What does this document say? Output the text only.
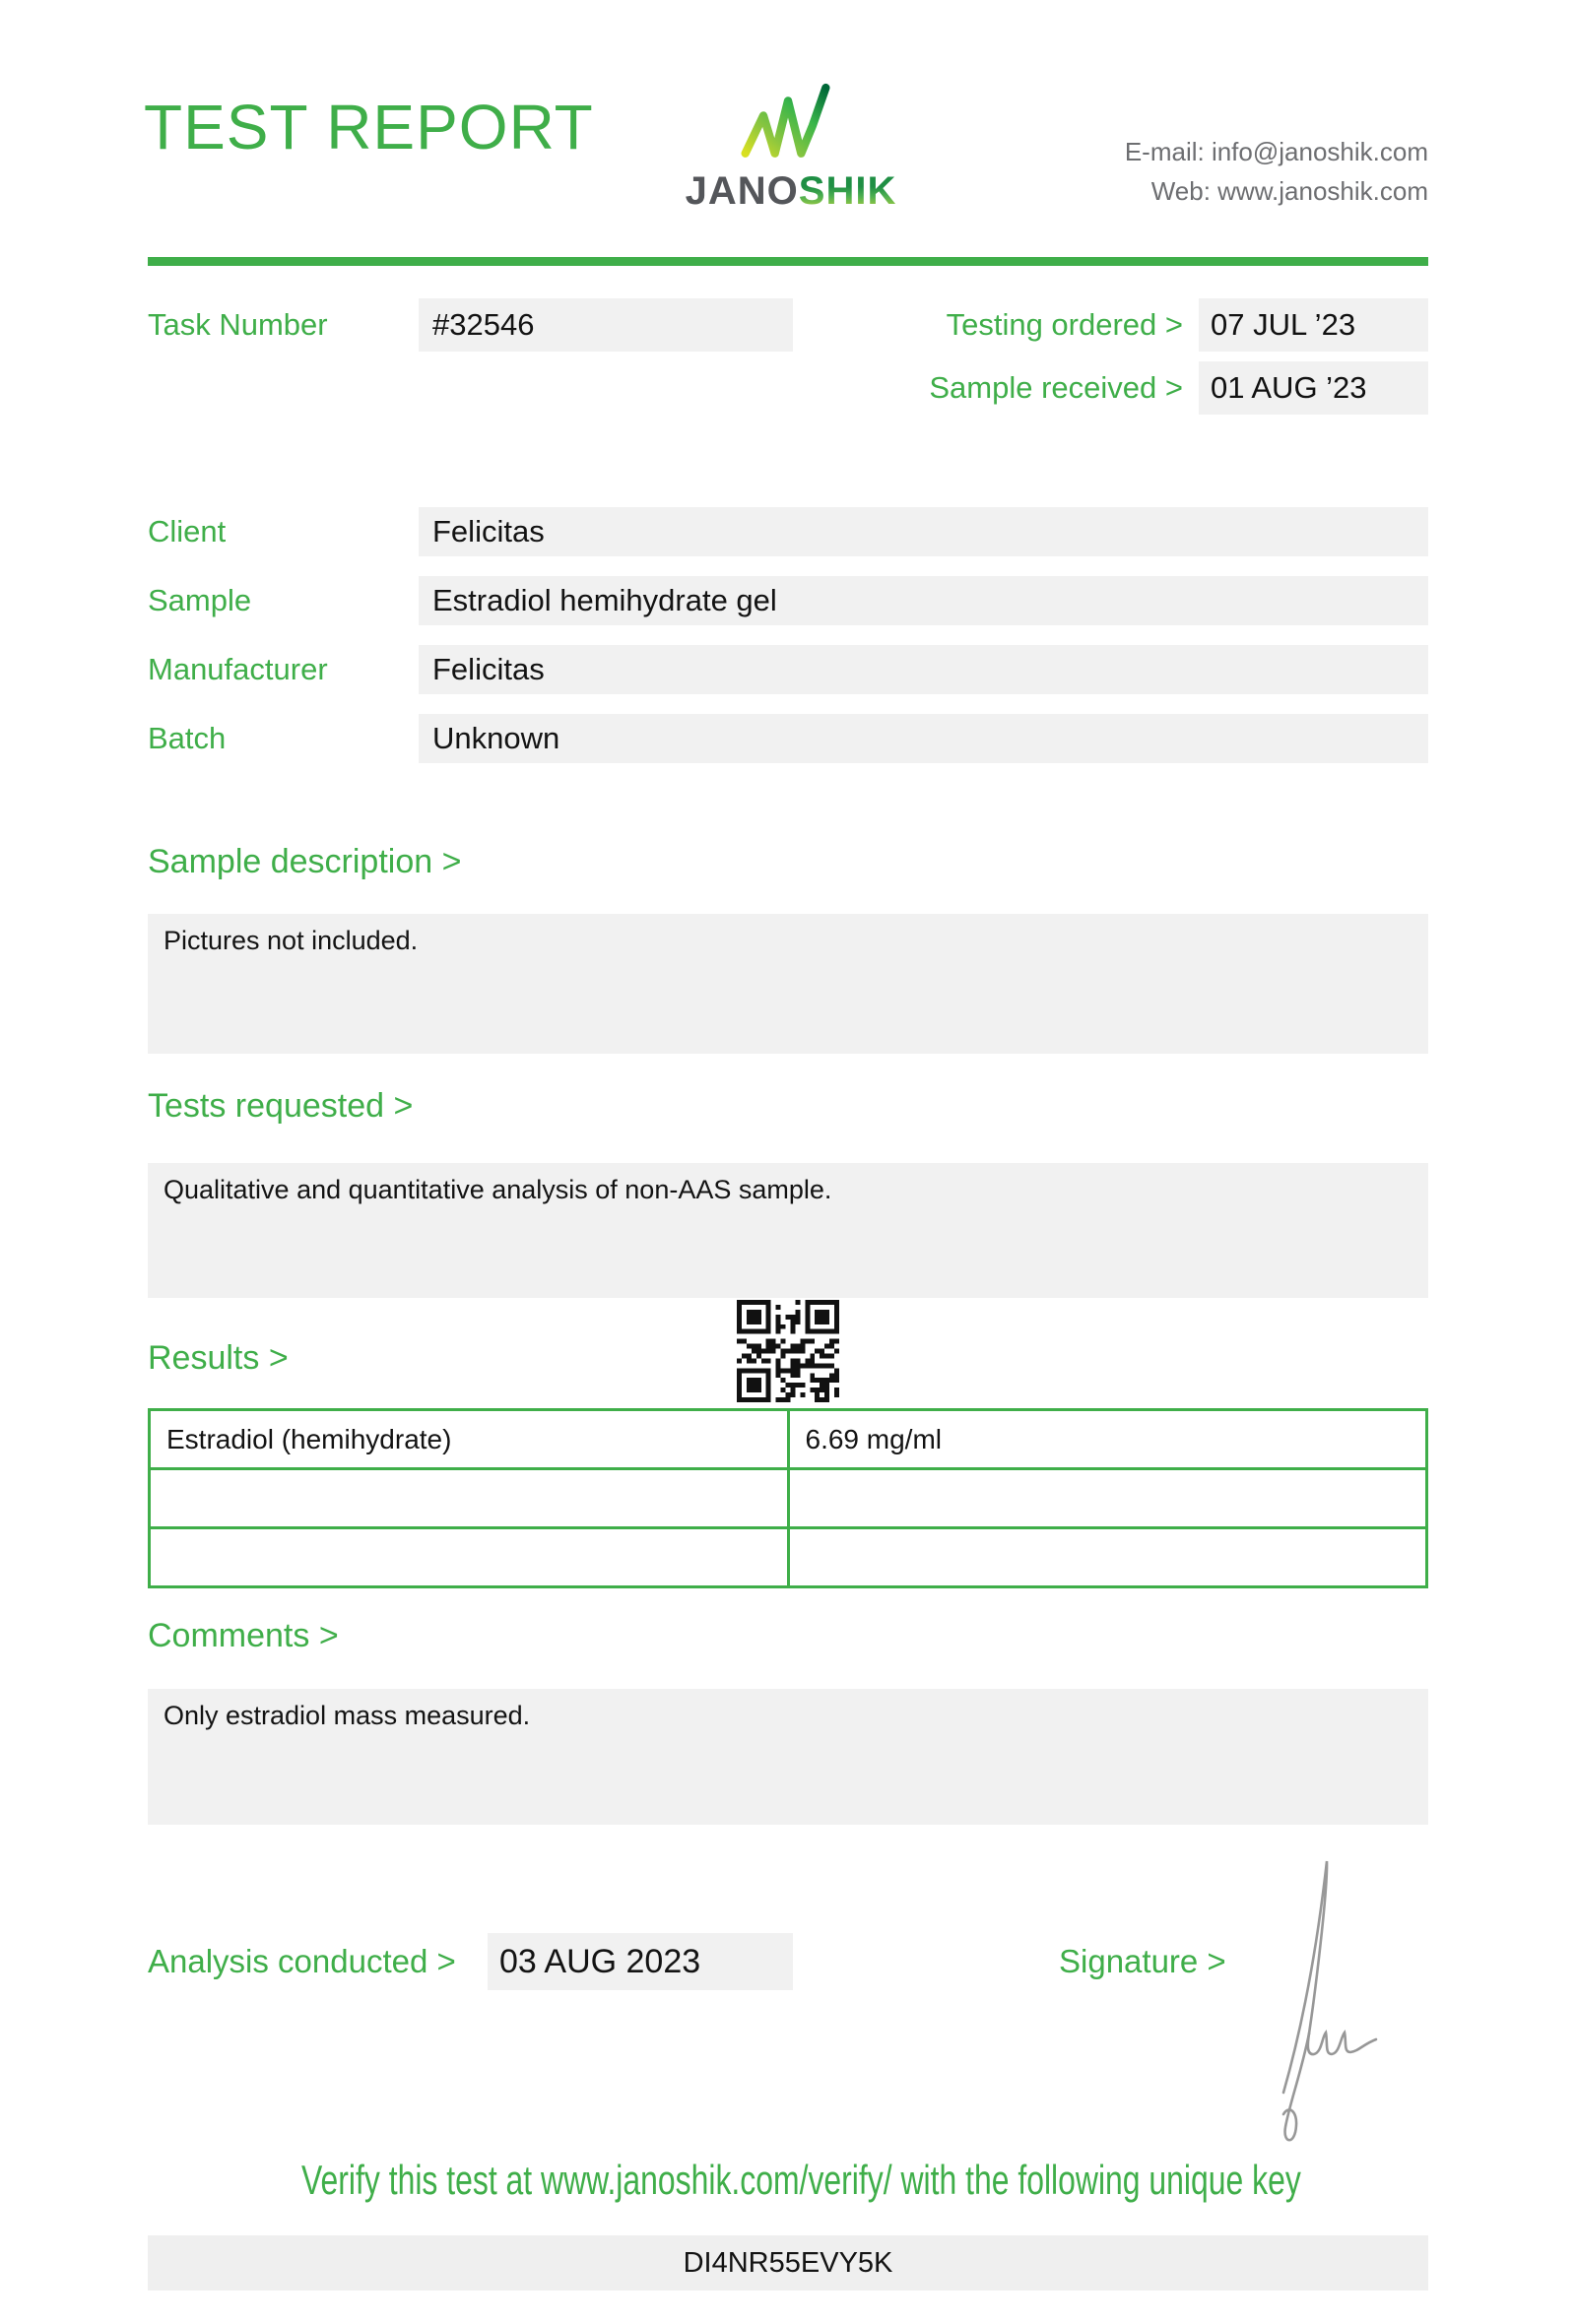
TEST REPORT
JANOSHIK
E-mail: info@janoshik.com
Web: www.janoshik.com
Task Number	#32546	Testing ordered > 07 JUL ’23
Sample received > 01 AUG ’23
Client	Felicitas
Sample	Estradiol hemihydrate gel
Manufacturer	Felicitas
Batch	Unknown
Sample description >
Pictures not included.
Tests requested >
Qualitative and quantitative analysis of non-AAS sample.
Results >
Estradiol (hemihydrate)	6.69 mg/ml

Comments >
Only estradiol mass measured.
Analysis conducted >	03 AUG 2023	Signature >
Verify this test at www.janoshik.com/verify/ with the following unique key
DI4NR55EVY5K
